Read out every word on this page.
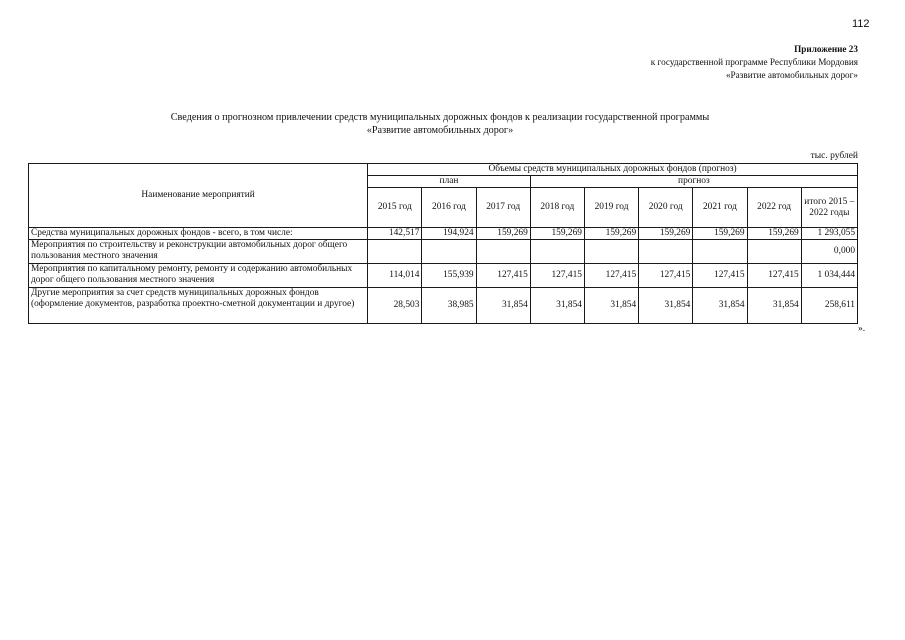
112
Приложение 23
к государственной программе Республики Мордовия
«Развитие автомобильных дорог»
Сведения о прогнозном привлечении средств муниципальных дорожных фондов к реализации государственной программы
«Развитие автомобильных дорог»
тыс. рублей
Наименование мероприятий	Объемы средств муниципальных дорожных фондов (прогноз)								
	план			прогноз					
	2015 год	2016 год	2017 год	2018 год	2019 год	2020 год	2021 год	2022 год	итого 2015 – 2022 годы
Средства муниципальных дорожных фондов - всего, в том числе:	142,517	194,924	159,269	159,269	159,269	159,269	159,269	159,269	1 293,055
Мероприятия по строительству и реконструкции автомобильных дорог общего пользования местного значения									0,000
Мероприятия по капитальному ремонту, ремонту и содержанию автомобильных дорог общего пользования местного значения	114,014	155,939	127,415	127,415	127,415	127,415	127,415	127,415	1 034,444
Другие мероприятия за счет средств муниципальных дорожных фондов (оформление документов, разработка проектно-сметной документации и другое)	28,503	38,985	31,854	31,854	31,854	31,854	31,854	31,854	258,611
».
